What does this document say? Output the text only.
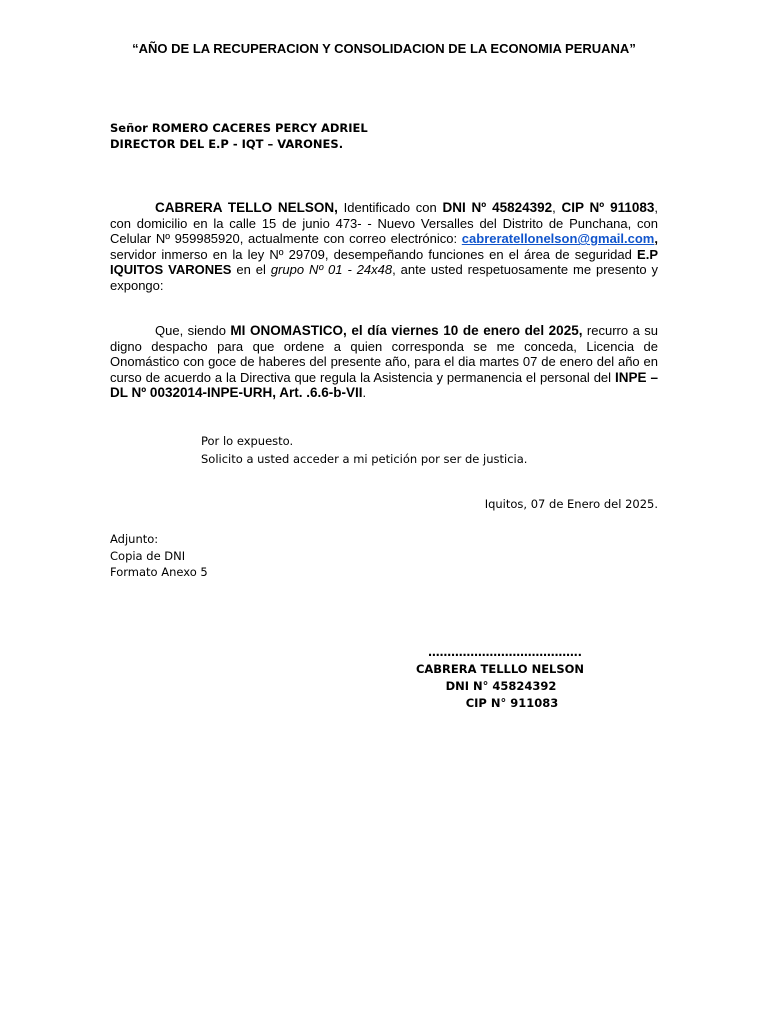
“AÑO DE LA RECUPERACION Y CONSOLIDACION DE LA ECONOMIA PERUANA”
Señor ROMERO CACERES PERCY ADRIEL
DIRECTOR DEL E.P - IQT – VARONES.
CABRERA TELLO NELSON, Identificado con DNI Nº 45824392, CIP Nº 911083, con domicilio en la calle 15 de junio 473- - Nuevo Versalles del Distrito de Punchana, con Celular Nº 959985920, actualmente con correo electrónico: cabreratellonelson@gmail.com, servidor inmerso en la ley Nº 29709, desempeñando funciones en el área de seguridad E.P IQUITOS VARONES en el grupo Nº 01 - 24x48, ante usted respetuosamente me presento y expongo:
Que, siendo MI ONOMASTICO, el día viernes 10 de enero del 2025, recurro a su digno despacho para que ordene a quien corresponda se me conceda, Licencia de Onomástico con goce de haberes del presente año, para el dia martes 07 de enero del año en curso de acuerdo a la Directiva que regula la Asistencia y permanencia el personal del INPE – DL Nº 0032014-INPE-URH, Art. .6.6-b-VII.
Por lo expuesto.
Solicito a usted acceder a mi petición por ser de justicia.
Iquitos, 07 de Enero del 2025.
Adjunto:
Copia de DNI
Formato Anexo 5
………………………………….
CABRERA TELLLO NELSON
DNI N° 45824392
CIP N° 911083
